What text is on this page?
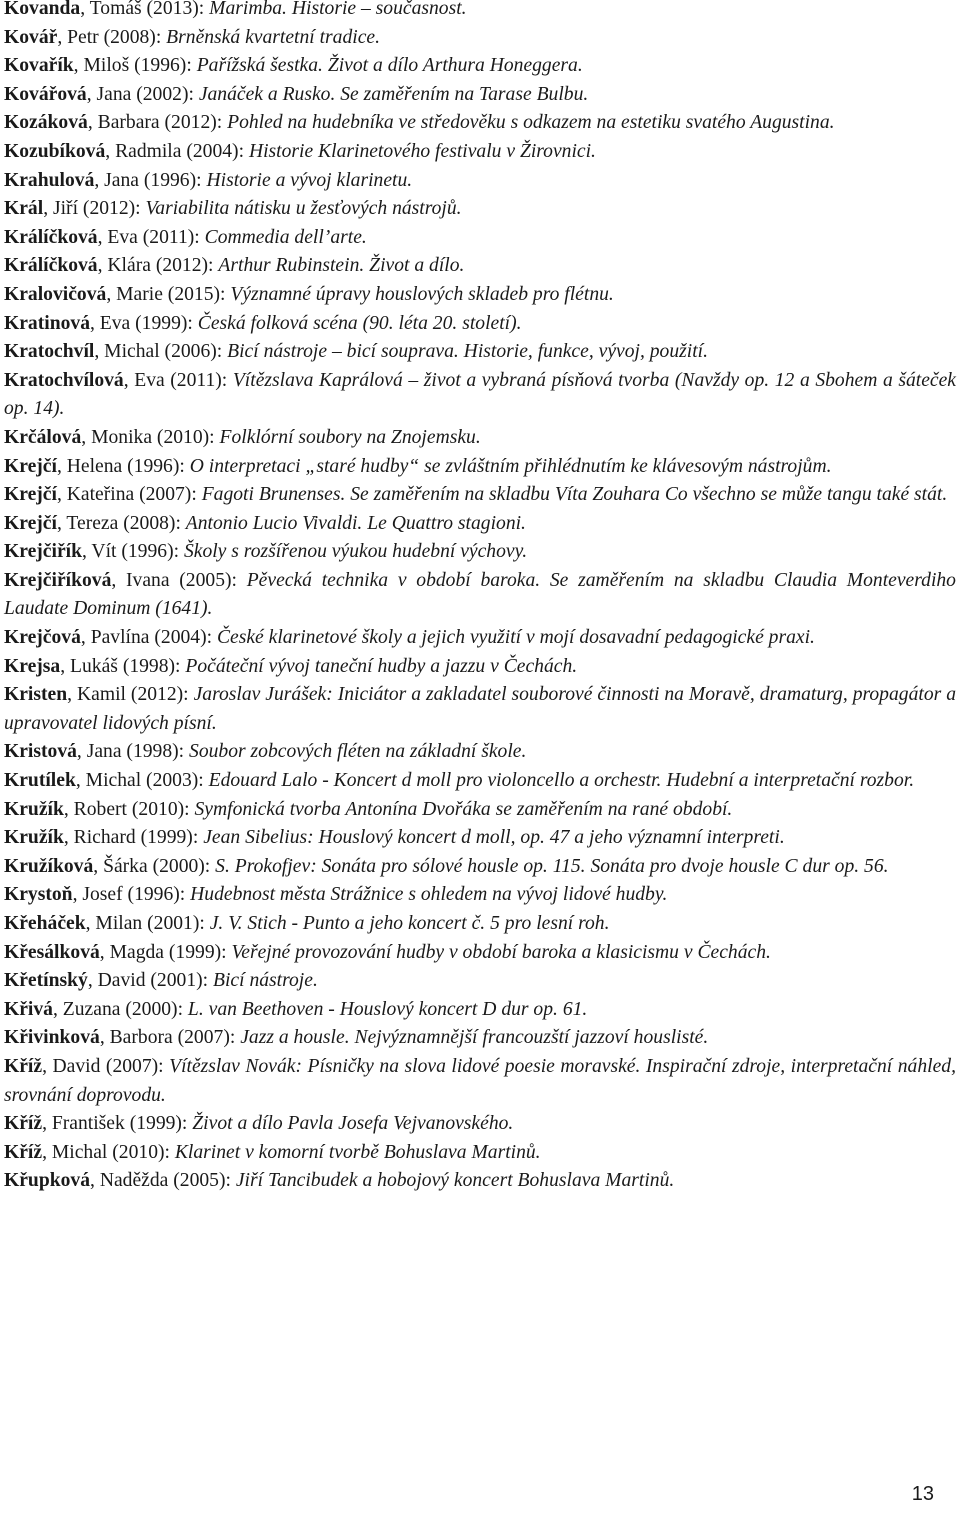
Kovanda, Tomáš (2013): Marimba. Historie – současnost.

Kovář, Petr (2008): Brněnská kvartetní tradice.

Kovařík, Miloš (1996): Pařížská šestka. Život a dílo Arthura Honeggera.

Kovářová, Jana (2002): Janáček a Rusko. Se zaměřením na Tarase Bulbu.

Kozáková, Barbara (2012): Pohled na hudebníka ve středověku s odkazem na estetiku svatého Augustina.

Kozubíková, Radmila (2004): Historie Klarinetového festivalu v Žirovnici.

Krahulová, Jana (1996): Historie a vývoj klarinetu.

Král, Jiří (2012): Variabilita nátisku u žesťových nástrojů.

Králíčková, Eva (2011): Commedia dell’arte.

Králíčková, Klára (2012): Arthur Rubinstein. Život a dílo.

Kralovičová, Marie (2015): Významné úpravy houslových skladeb pro flétnu.

Kratinová, Eva (1999): Česká folková scéna (90. léta 20. století).

Kratochvíl, Michal (2006): Bicí nástroje – bicí souprava. Historie, funkce, vývoj, použití.

Kratochvílová, Eva (2011): Vítězslava Kaprálová – život a vybraná písňová tvorba (Navždy op. 12 a Sbohem a šáteček op. 14).

Krčálová, Monika (2010): Folklórní soubory na Znojemsku.

Krejčí, Helena (1996): O interpretaci „staré hudby“ se zvláštním přihlédnutím ke klávesovým nástrojům.

Krejčí, Kateřina (2007): Fagoti Brunenses. Se zaměřením na skladbu Víta Zouhara Co všechno se může tangu také stát.

Krejčí, Tereza (2008): Antonio Lucio Vivaldi. Le Quattro stagioni.

Krejčiřík, Vít (1996): Školy s rozšířenou výukou hudební výchovy.

Krejčiříková, Ivana (2005): Pěvecká technika v období baroka. Se zaměřením na skladbu Claudia Monteverdiho Laudate Dominum (1641).

Krejčová, Pavlína (2004): České klarinetové školy a jejich využití v mojí dosavadní pedagogické praxi.

Krejsa, Lukáš (1998): Počáteční vývoj taneční hudby a jazzu v Čechách.

Kristen, Kamil (2012): Jaroslav Jurášek: Iniciátor a zakladatel souborové činnosti na Moravě, dramaturg, propagátor a upravovatel lidových písní.

Kristová, Jana (1998): Soubor zobcových fléten na základní škole.

Krutílek, Michal (2003): Edouard Lalo - Koncert d moll pro violoncello a orchestr. Hudební a interpretační rozbor.

Kružík, Robert (2010): Symfonická tvorba Antonína Dvořáka se zaměřením na rané období.

Kružík, Richard (1999): Jean Sibelius: Houslový koncert d moll, op. 47 a jeho významní interpreti.

Kružíková, Šárka (2000): S. Prokofjev: Sonáta pro sólové housle op. 115. Sonáta pro dvoje housle C dur op. 56.

Krystoň, Josef (1996): Hudebnost města Strážnice s ohledem na vývoj lidové hudby.

Křeháček, Milan (2001): J. V. Stich - Punto a jeho koncert č. 5 pro lesní roh.

Křesálková, Magda (1999): Veřejné provozování hudby v období baroka a klasicismu v Čechách.

Křetínský, David (2001): Bicí nástroje.

Křivá, Zuzana (2000): L. van Beethoven - Houslový koncert D dur op. 61.

Křivinková, Barbora (2007): Jazz a housle. Nejvýznamnější francouzští jazzoví houslisté.

Kříž, David (2007): Vítězslav Novák: Písničky na slova lidové poesie moravské. Inspirační zdroje, interpretační náhled, srovnání doprovodu.

Kříž, František (1999): Život a dílo Pavla Josefa Vejvanovského.

Kříž, Michal (2010): Klarinet v komorní tvorbě Bohuslava Martinů.

Křupková, Naděžda (2005): Jiří Tancibudek a hobojový koncert Bohuslava Martinů.

13
